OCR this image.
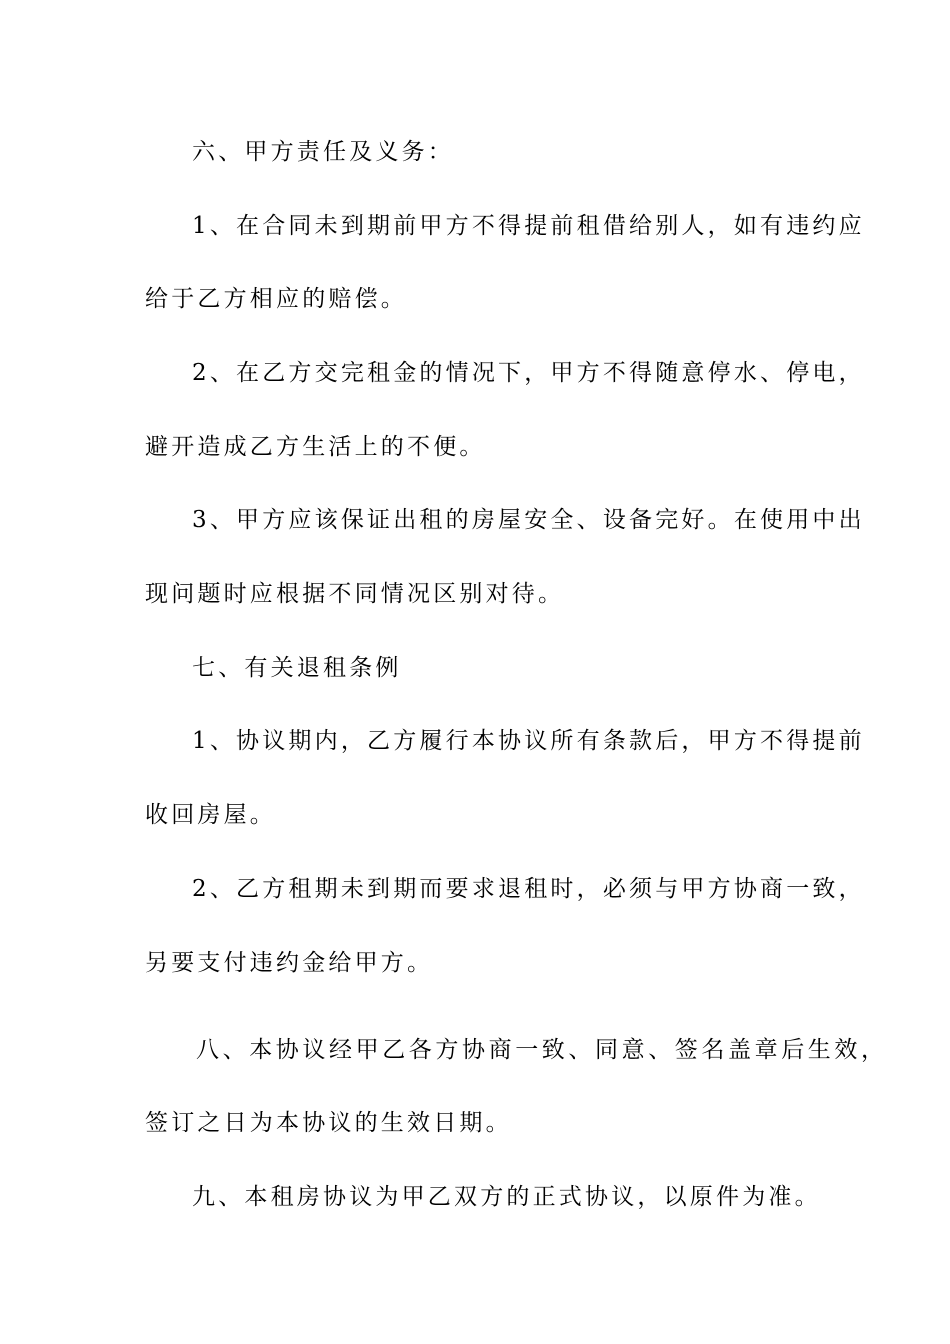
六、甲方责任及义务：
1、在合同未到期前甲方不得提前租借给别人，如有违约应
给于乙方相应的赔偿。
2、在乙方交完租金的情况下，甲方不得随意停水、停电，
避开造成乙方生活上的不便。
3、甲方应该保证出租的房屋安全、设备完好。在使用中出
现问题时应根据不同情况区别对待。
七、有关退租条例
1、协议期内，乙方履行本协议所有条款后，甲方不得提前
收回房屋。
2、乙方租期未到期而要求退租时，必须与甲方协商一致，
另要支付违约金给甲方。
八、本协议经甲乙各方协商一致、同意、签名盖章后生效，
签订之日为本协议的生效日期。
九、本租房协议为甲乙双方的正式协议，以原件为准。
